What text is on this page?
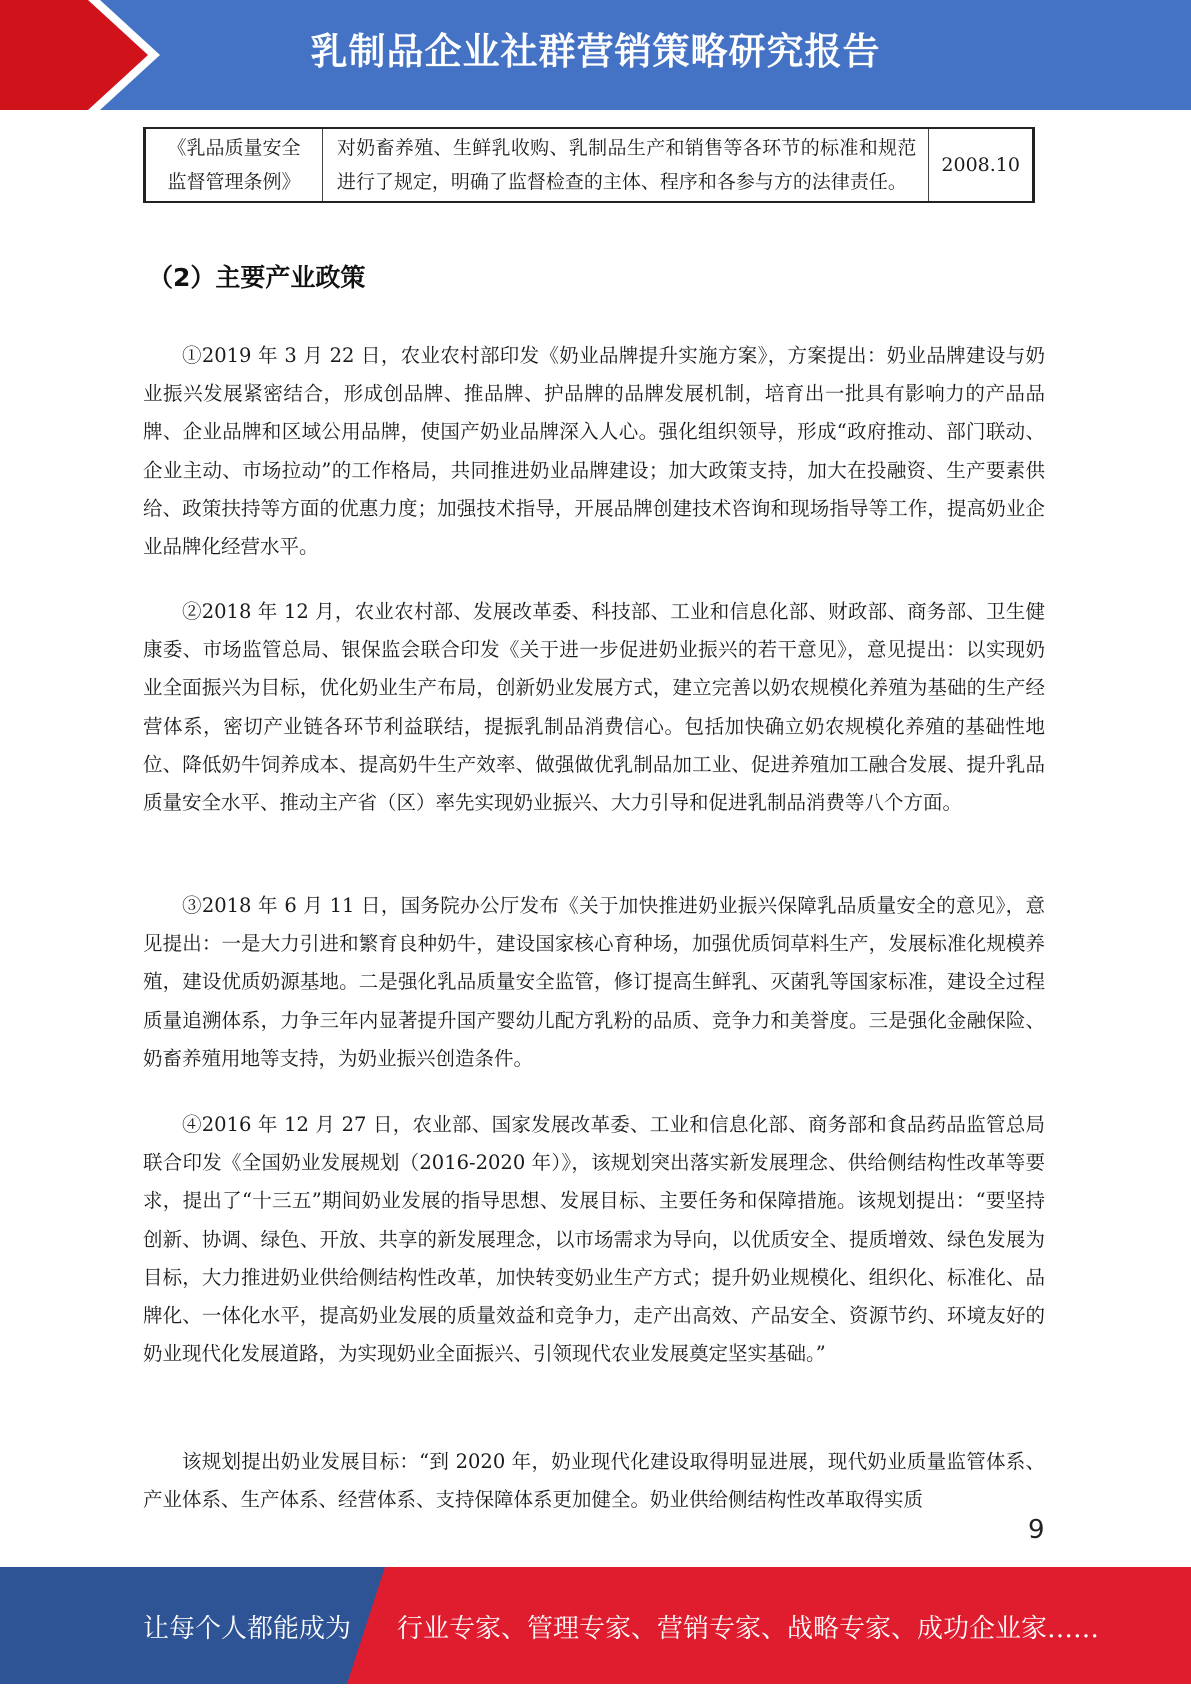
乳制品企业社群营销策略研究报告
《乳品质量安全监督管理条例》	对奶畜养殖、生鲜乳收购、乳制品生产和销售等各环节的标准和规范进行了规定，明确了监督检查的主体、程序和各参与方的法律责任。	2008.10
（2）主要产业政策

①2019 年 3 月 22 日，农业农村部印发《奶业品牌提升实施方案》，方案提出：奶业品牌建设与奶业振兴发展紧密结合，形成创品牌、推品牌、护品牌的品牌发展机制，培育出一批具有影响力的产品品牌、企业品牌和区域公用品牌，使国产奶业品牌深入人心。强化组织领导，形成“政府推动、部门联动、企业主动、市场拉动”的工作格局，共同推进奶业品牌建设；加大政策支持，加大在投融资、生产要素供给、政策扶持等方面的优惠力度；加强技术指导，开展品牌创建技术咨询和现场指导等工作，提高奶业企业品牌化经营水平。

②2018 年 12 月，农业农村部、发展改革委、科技部、工业和信息化部、财政部、商务部、卫生健康委、市场监管总局、银保监会联合印发《关于进一步促进奶业振兴的若干意见》，意见提出：以实现奶业全面振兴为目标，优化奶业生产布局，创新奶业发展方式，建立完善以奶农规模化养殖为基础的生产经营体系，密切产业链各环节利益联结，提振乳制品消费信心。包括加快确立奶农规模化养殖的基础性地位、降低奶牛饲养成本、提高奶牛生产效率、做强做优乳制品加工业、促进养殖加工融合发展、提升乳品质量安全水平、推动主产省（区）率先实现奶业振兴、大力引导和促进乳制品消费等八个方面。

③2018 年 6 月 11 日，国务院办公厅发布《关于加快推进奶业振兴保障乳品质量安全的意见》，意见提出：一是大力引进和繁育良种奶牛，建设国家核心育种场，加强优质饲草料生产，发展标准化规模养殖，建设优质奶源基地。二是强化乳品质量安全监管，修订提高生鲜乳、灭菌乳等国家标准，建设全过程质量追溯体系，力争三年内显著提升国产婴幼儿配方乳粉的品质、竞争力和美誉度。三是强化金融保险、奶畜养殖用地等支持，为奶业振兴创造条件。

④2016 年 12 月 27 日，农业部、国家发展改革委、工业和信息化部、商务部和食品药品监管总局联合印发《全国奶业发展规划（2016-2020 年）》，该规划突出落实新发展理念、供给侧结构性改革等要求，提出了“十三五”期间奶业发展的指导思想、发展目标、主要任务和保障措施。该规划提出：“要坚持创新、协调、绿色、开放、共享的新发展理念，以市场需求为导向，以优质安全、提质增效、绿色发展为目标，大力推进奶业供给侧结构性改革，加快转变奶业生产方式；提升奶业规模化、组织化、标准化、品牌化、一体化水平，提高奶业发展的质量效益和竞争力，走产出高效、产品安全、资源节约、环境友好的奶业现代化发展道路，为实现奶业全面振兴、引领现代农业发展奠定坚实基础。”

该规划提出奶业发展目标：“到 2020 年，奶业现代化建设取得明显进展，现代奶业质量监管体系、产业体系、生产体系、经营体系、支持保障体系更加健全。奶业供给侧结构性改革取得实质

9
让每个人都能成为 行业专家、管理专家、营销专家、战略专家、成功企业家……
